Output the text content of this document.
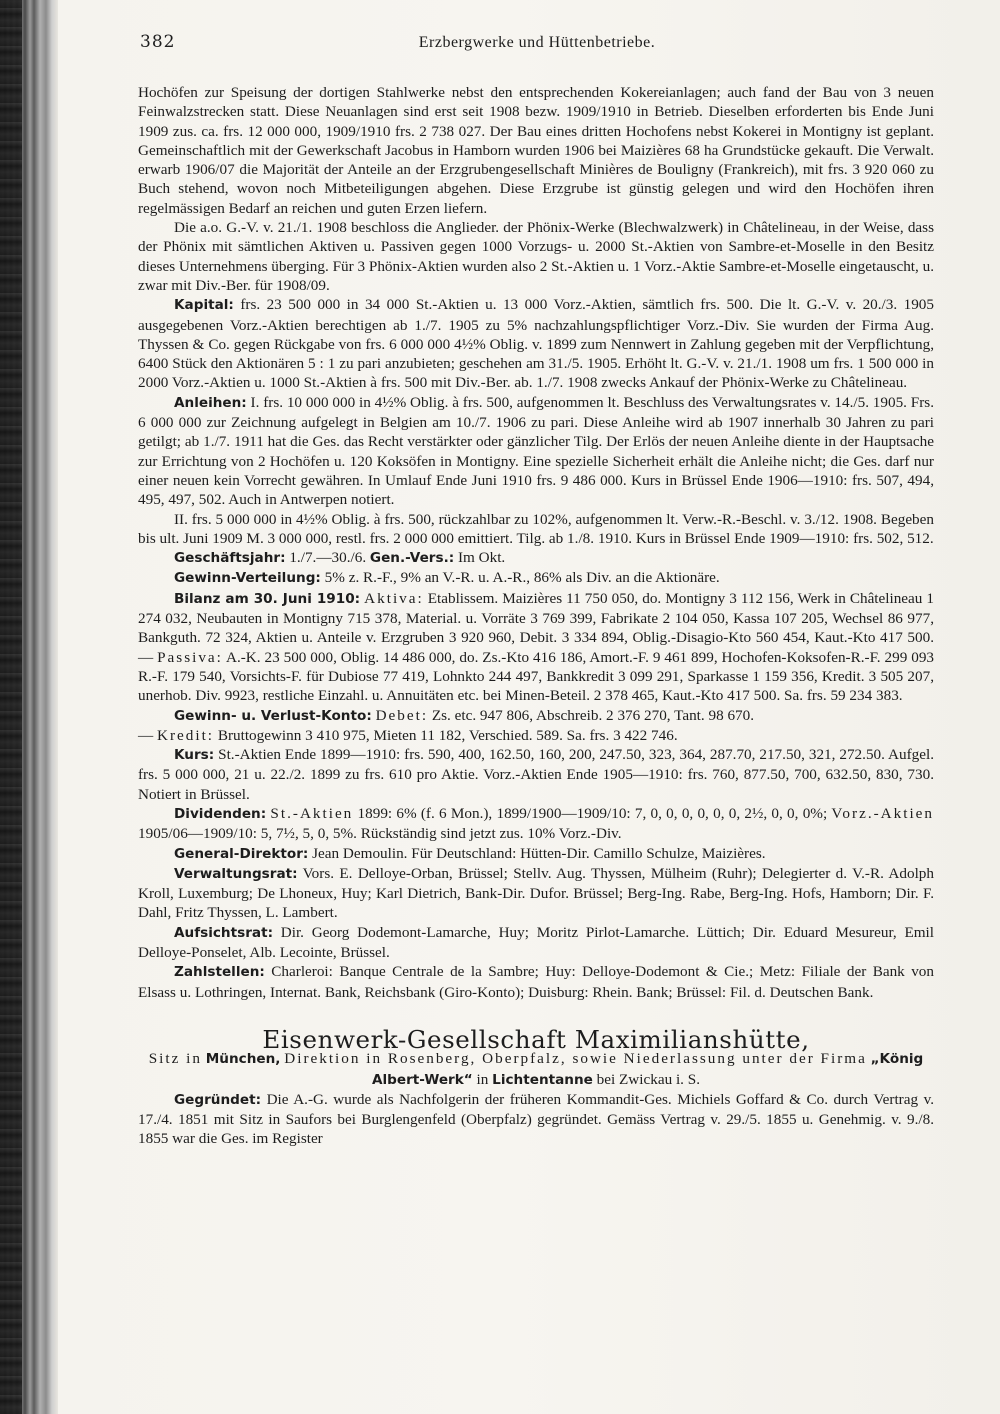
382	Erzbergwerke und Hüttenbetriebe.

Hochöfen zur Speisung der dortigen Stahlwerke nebst den entsprechenden Kokereianlagen; auch fand der Bau von 3 neuen Feinwalzstrecken statt. Diese Neuanlagen sind erst seit 1908 bezw. 1909/1910 in Betrieb. Dieselben erforderten bis Ende Juni 1909 zus. ca. frs. 12 000 000, 1909/1910 frs. 2 738 027. Der Bau eines dritten Hochofens nebst Kokerei in Montigny ist geplant. Gemeinschaftlich mit der Gewerkschaft Jacobus in Hamborn wurden 1906 bei Maizières 68 ha Grundstücke gekauft. Die Verwalt. erwarb 1906/07 die Majorität der Anteile an der Erzgrubengesellschaft Minières de Bouligny (Frankreich), mit frs. 3 920 060 zu Buch stehend, wovon noch Mitbeteiligungen abgehen. Diese Erzgrube ist günstig gelegen und wird den Hochöfen ihren regelmässigen Bedarf an reichen und guten Erzen liefern.

Die a.o. G.-V. v. 21./1. 1908 beschloss die Anglieder. der Phönix-Werke (Blechwalzwerk) in Châtelineau, in der Weise, dass der Phönix mit sämtlichen Aktiven u. Passiven gegen 1000 Vorzugs- u. 2000 St.-Aktien von Sambre-et-Moselle in den Besitz dieses Unternehmens überging. Für 3 Phönix-Aktien wurden also 2 St.-Aktien u. 1 Vorz.-Aktie Sambre-et-Moselle eingetauscht, u. zwar mit Div.-Ber. für 1908/09.

Kapital: frs. 23 500 000 in 34 000 St.-Aktien u. 13 000 Vorz.-Aktien, sämtlich frs. 500. Die lt. G.-V. v. 20./3. 1905 ausgegebenen Vorz.-Aktien berechtigen ab 1./7. 1905 zu 5% nachzahlungspflichtiger Vorz.-Div. Sie wurden der Firma Aug. Thyssen & Co. gegen Rückgabe von frs. 6 000 000 4½% Oblig. v. 1899 zum Nennwert in Zahlung gegeben mit der Verpflichtung, 6400 Stück den Aktionären 5 : 1 zu pari anzubieten; geschehen am 31./5. 1905. Erhöht lt. G.-V. v. 21./1. 1908 um frs. 1 500 000 in 2000 Vorz.-Aktien u. 1000 St.-Aktien à frs. 500 mit Div.-Ber. ab. 1./7. 1908 zwecks Ankauf der Phönix-Werke zu Châtelineau.

Anleihen: I. frs. 10 000 000 in 4½% Oblig. à frs. 500, aufgenommen lt. Beschluss des Verwaltungsrates v. 14./5. 1905. Frs. 6 000 000 zur Zeichnung aufgelegt in Belgien am 10./7. 1906 zu pari. Diese Anleihe wird ab 1907 innerhalb 30 Jahren zu pari getilgt; ab 1./7. 1911 hat die Ges. das Recht verstärkter oder gänzlicher Tilg. Der Erlös der neuen Anleihe diente in der Hauptsache zur Errichtung von 2 Hochöfen u. 120 Koksöfen in Montigny. Eine spezielle Sicherheit erhält die Anleihe nicht; die Ges. darf nur einer neuen kein Vorrecht gewähren. In Umlauf Ende Juni 1910 frs. 9 486 000. Kurs in Brüssel Ende 1906—1910: frs. 507, 494, 495, 497, 502. Auch in Antwerpen notiert.

II. frs. 5 000 000 in 4½% Oblig. à frs. 500, rückzahlbar zu 102%, aufgenommen lt. Verw.-R.-Beschl. v. 3./12. 1908. Begeben bis ult. Juni 1909 M. 3 000 000, restl. frs. 2 000 000 emittiert. Tilg. ab 1./8. 1910. Kurs in Brüssel Ende 1909—1910: frs. 502, 512.

Geschäftsjahr: 1./7.—30./6. Gen.-Vers.: Im Okt.

Gewinn-Verteilung: 5% z. R.-F., 9% an V.-R. u. A.-R., 86% als Div. an die Aktionäre.

Bilanz am 30. Juni 1910: Aktiva: Etablissem. Maizières 11 750 050, do. Montigny 3 112 156, Werk in Châtelineau 1 274 032, Neubauten in Montigny 715 378, Material. u. Vorräte 3 769 399, Fabrikate 2 104 050, Kassa 107 205, Wechsel 86 977, Bankguth. 72 324, Aktien u. Anteile v. Erzgruben 3 920 960, Debit. 3 334 894, Oblig.-Disagio-Kto 560 454, Kaut.-Kto 417 500. — Passiva: A.-K. 23 500 000, Oblig. 14 486 000, do. Zs.-Kto 416 186, Amort.-F. 9 461 899, Hochofen-Koksofen-R.-F. 299 093 R.-F. 179 540, Vorsichts-F. für Dubiose 77 419, Lohnkto 244 497, Bankkredit 3 099 291, Sparkasse 1 159 356, Kredit. 3 505 207, unerhob. Div. 9923, restliche Einzahl. u. Annuitäten etc. bei Minen-Beteil. 2 378 465, Kaut.-Kto 417 500. Sa. frs. 59 234 383.

Gewinn- u. Verlust-Konto: Debet: Zs. etc. 947 806, Abschreib. 2 376 270, Tant. 98 670.
— Kredit: Bruttogewinn 3 410 975, Mieten 11 182, Verschied. 589. Sa. frs. 3 422 746.

Kurs: St.-Aktien Ende 1899—1910: frs. 590, 400, 162.50, 160, 200, 247.50, 323, 364, 287.70, 217.50, 321, 272.50. Aufgel. frs. 5 000 000, 21 u. 22./2. 1899 zu frs. 610 pro Aktie. Vorz.-Aktien Ende 1905—1910: frs. 760, 877.50, 700, 632.50, 830, 730. Notiert in Brüssel.

Dividenden: St.-Aktien 1899: 6% (f. 6 Mon.), 1899/1900—1909/10: 7, 0, 0, 0, 0, 0, 0, 2½, 0, 0, 0%; Vorz.-Aktien 1905/06—1909/10: 5, 7½, 5, 0, 5%. Rückständig sind jetzt zus. 10% Vorz.-Div.

General-Direktor: Jean Demoulin. Für Deutschland: Hütten-Dir. Camillo Schulze, Maizières.

Verwaltungsrat: Vors. E. Delloye-Orban, Brüssel; Stellv. Aug. Thyssen, Mülheim (Ruhr); Delegierter d. V.-R. Adolph Kroll, Luxemburg; De Lhoneux, Huy; Karl Dietrich, Bank-Dir. Dufor. Brüssel; Berg-Ing. Rabe, Berg-Ing. Hofs, Hamborn; Dir. F. Dahl, Fritz Thyssen, L. Lambert.

Aufsichtsrat: Dir. Georg Dodemont-Lamarche, Huy; Moritz Pirlot-Lamarche. Lüttich; Dir. Eduard Mesureur, Emil Delloye-Ponselet, Alb. Lecointe, Brüssel.

Zahlstellen: Charleroi: Banque Centrale de la Sambre; Huy: Delloye-Dodemont & Cie.; Metz: Filiale der Bank von Elsass u. Lothringen, Internat. Bank, Reichsbank (Giro-Konto); Duisburg: Rhein. Bank; Brüssel: Fil. d. Deutschen Bank.

Eisenwerk-Gesellschaft Maximilianshütte,

Sitz in München, Direktion in Rosenberg, Oberpfalz, sowie Niederlassung unter der Firma „König Albert-Werk“ in Lichtentanne bei Zwickau i. S.

Gegründet: Die A.-G. wurde als Nachfolgerin der früheren Kommandit-Ges. Michiels Goffard & Co. durch Vertrag v. 17./4. 1851 mit Sitz in Saufors bei Burglengenfeld (Oberpfalz) gegründet. Gemäss Vertrag v. 29./5. 1855 u. Genehmig. v. 9./8. 1855 war die Ges. im Register
